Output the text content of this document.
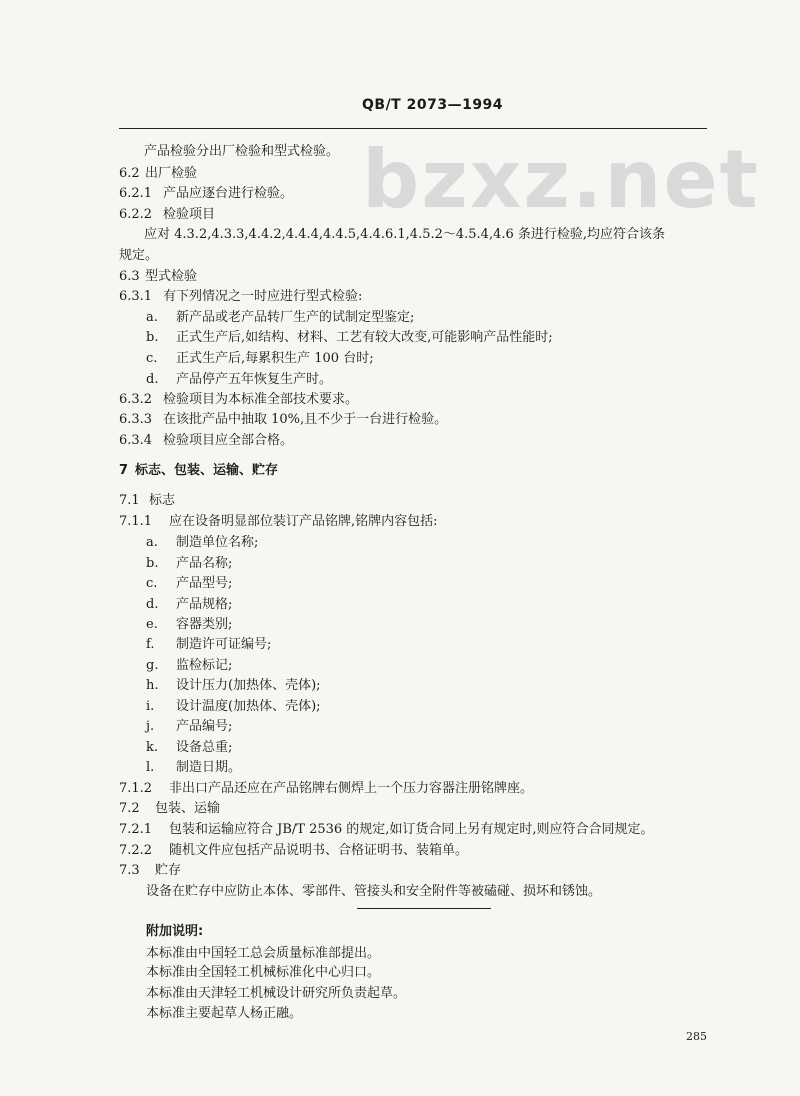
QB/T 2073—1994
bzxz.net
产品检验分出厂检验和型式检验。
6.2 出厂检验
6.2.1 产品应逐台进行检验。
6.2.2 检验项目
应对 4.3.2,4.3.3,4.4.2,4.4.4,4.4.5,4.4.6.1,4.5.2～4.5.4,4.6 条进行检验,均应符合该条
规定。
6.3 型式检验
6.3.1 有下列情况之一时应进行型式检验:
a. 新产品或老产品转厂生产的试制定型鉴定;
b. 正式生产后,如结构、材料、工艺有较大改变,可能影响产品性能时;
c. 正式生产后,每累积生产 100 台时;
d. 产品停产五年恢复生产时。
6.3.2 检验项目为本标准全部技术要求。
6.3.3 在该批产品中抽取 10%,且不少于一台进行检验。
6.3.4 检验项目应全部合格。
7 标志、包装、运输、贮存
7.1 标志
7.1.1 应在设备明显部位装订产品铭牌,铭牌内容包括:
a. 制造单位名称;
b. 产品名称;
c. 产品型号;
d. 产品规格;
e. 容器类别;
f. 制造许可证编号;
g. 监检标记;
h. 设计压力(加热体、壳体);
i. 设计温度(加热体、壳体);
j. 产品编号;
k. 设备总重;
l. 制造日期。
7.1.2 非出口产品还应在产品铭牌右侧焊上一个压力容器注册铭牌座。
7.2 包装、运输
7.2.1 包装和运输应符合 JB/T 2536 的规定,如订货合同上另有规定时,则应符合合同规定。
7.2.2 随机文件应包括产品说明书、合格证明书、装箱单。
7.3 贮存
设备在贮存中应防止本体、零部件、管接头和安全附件等被磕碰、损坏和锈蚀。
附加说明:
本标准由中国轻工总会质量标准部提出。
本标准由全国轻工机械标准化中心归口。
本标准由天津轻工机械设计研究所负责起草。
本标准主要起草人杨正融。
285
